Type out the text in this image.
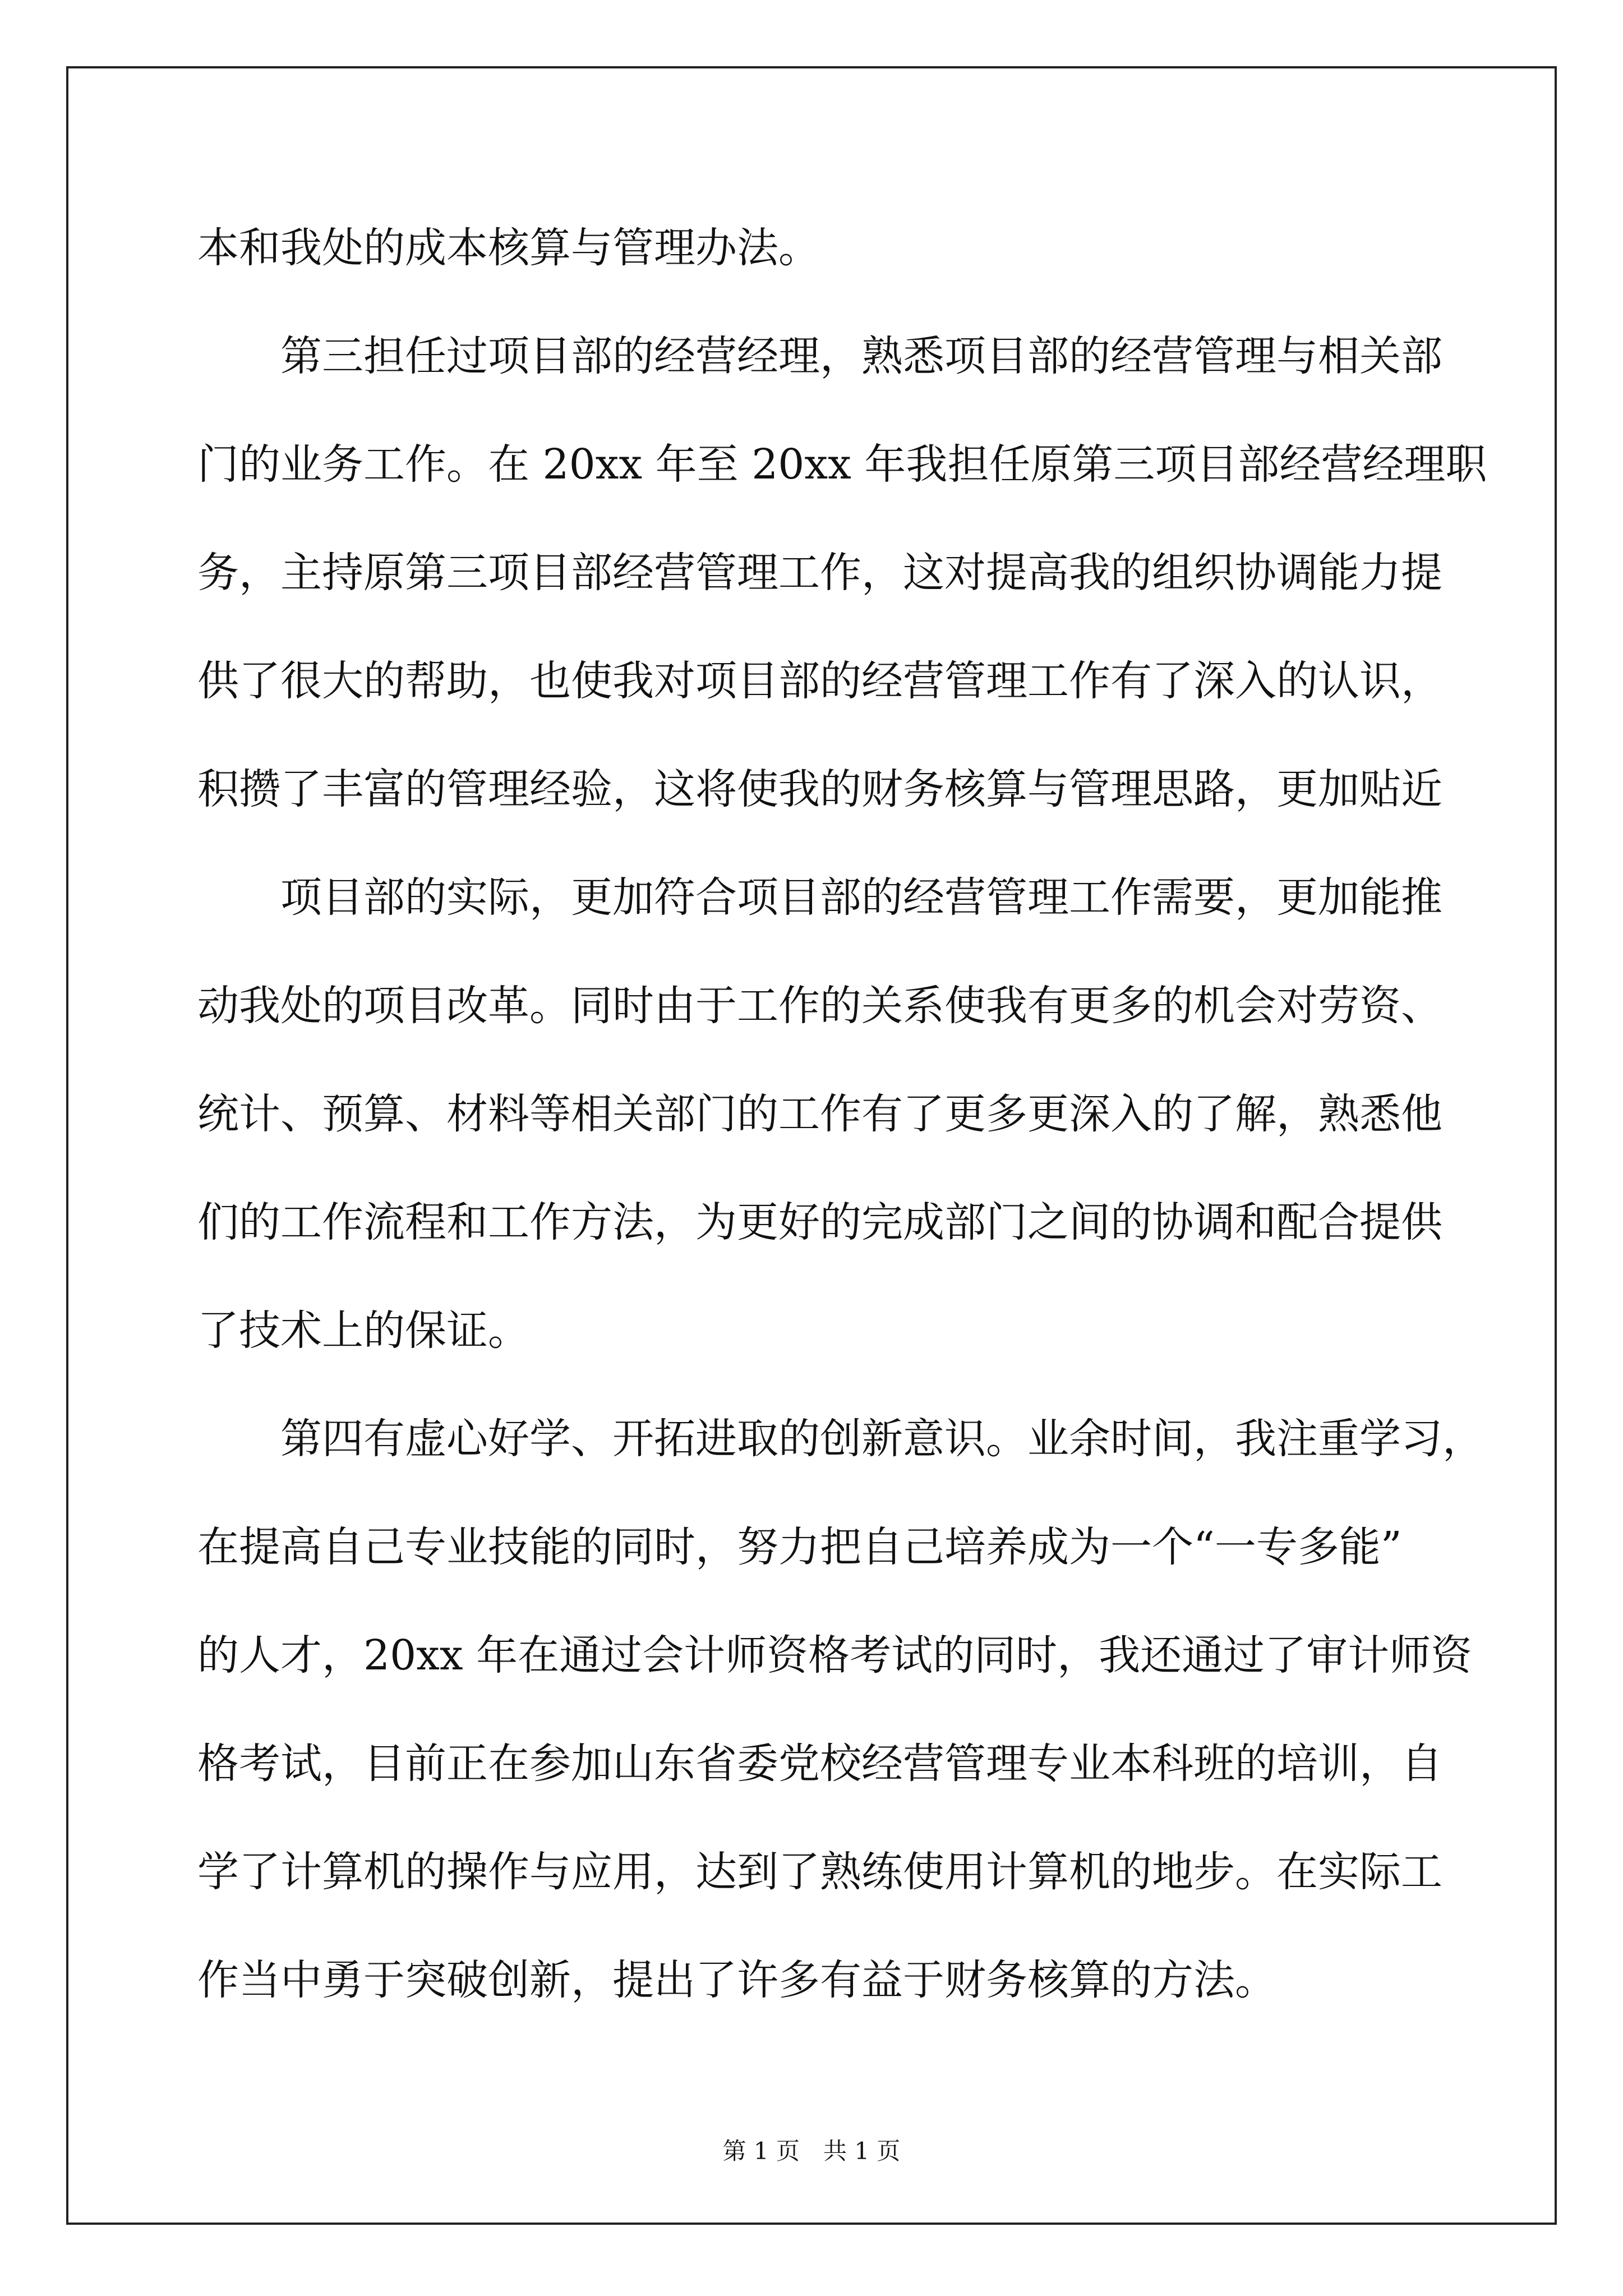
本和我处的成本核算与管理办法。

第三担任过项目部的经营经理，熟悉项目部的经营管理与相关部

门的业务工作。在 20xx 年至 20xx 年我担任原第三项目部经营经理职

务，主持原第三项目部经营管理工作，这对提高我的组织协调能力提

供了很大的帮助，也使我对项目部的经营管理工作有了深入的认识，

积攒了丰富的管理经验，这将使我的财务核算与管理思路，更加贴近

项目部的实际，更加符合项目部的经营管理工作需要，更加能推

动我处的项目改革。同时由于工作的关系使我有更多的机会对劳资、

统计、预算、材料等相关部门的工作有了更多更深入的了解，熟悉他

们的工作流程和工作方法，为更好的完成部门之间的协调和配合提供

了技术上的保证。

第四有虚心好学、开拓进取的创新意识。业余时间，我注重学习，

在提高自己专业技能的同时，努力把自己培养成为一个“一专多能”

的人才，20xx 年在通过会计师资格考试的同时，我还通过了审计师资

格考试，目前正在参加山东省委党校经营管理专业本科班的培训，自

学了计算机的操作与应用，达到了熟练使用计算机的地步。在实际工

作当中勇于突破创新，提出了许多有益于财务核算的方法。

第 1 页　共 1 页
